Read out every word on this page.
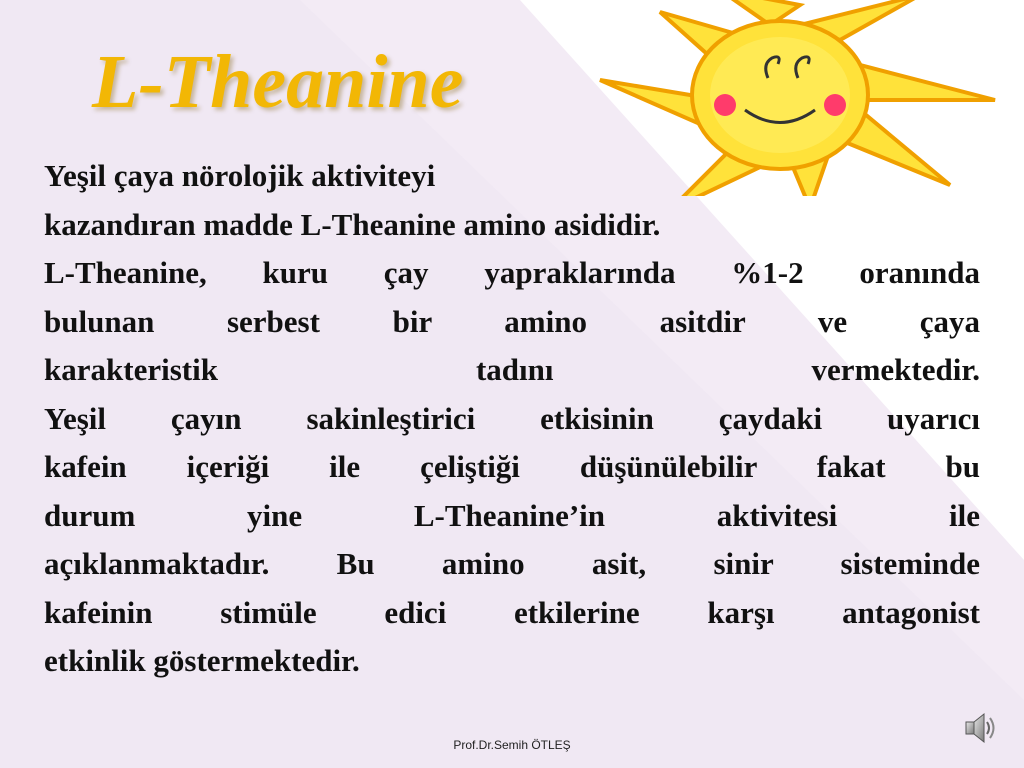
L-Theanine

Yeşil çaya nörolojik aktiviteyi

kazandıran madde L-Theanine amino asididir.

L-Theanine, kuru çay yapraklarında %1-2 oranında

bulunan serbest bir amino asitdir ve çaya

karakteristik tadını vermektedir.

Yeşil çayın sakinleştirici etkisinin çaydaki uyarıcı

kafein içeriği ile çeliştiği düşünülebilir fakat bu

durum yine L-Theanine’in aktivitesi ile

açıklanmaktadır. Bu amino asit, sinir sisteminde

kafeinin stimüle edici etkilerine karşı antagonist

etkinlik göstermektedir.

Prof.Dr.Semih ÖTLEŞ
